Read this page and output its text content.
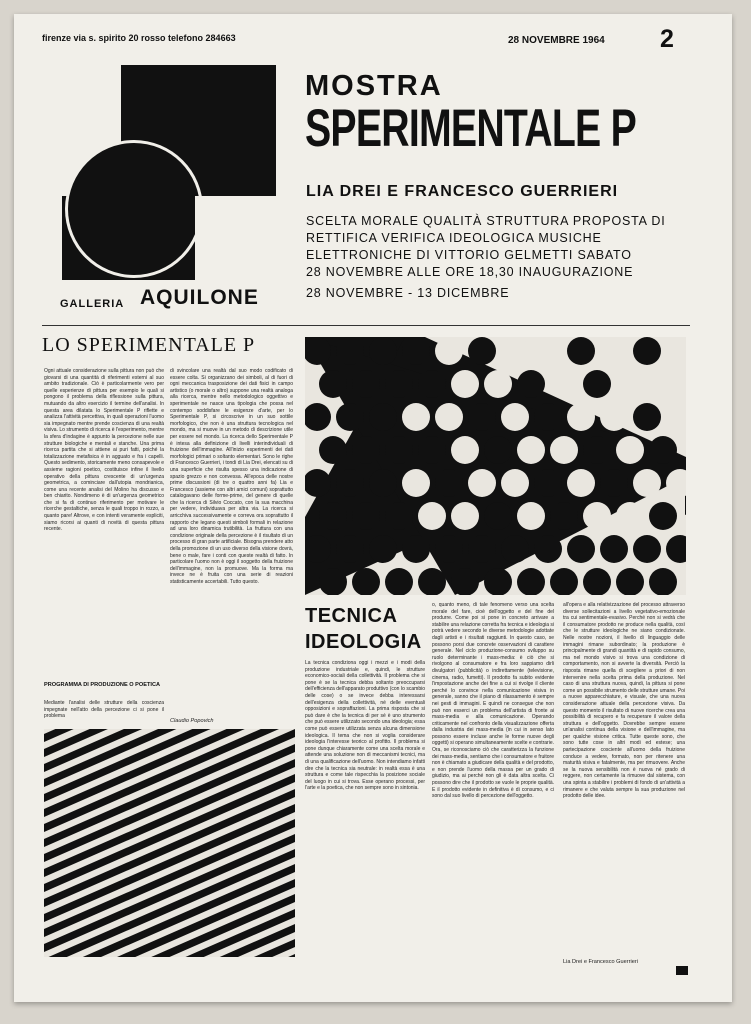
firenze via s. spirito 20 rosso telefono 284663	28 NOVEMBRE 1964 2
GALLERIA AQUILONE
MOSTRA
SPERIMENTALE P
LIA DREI E FRANCESCO GUERRIERI
SCELTA MORALE QUALITÀ STRUTTURA PROPOSTA DI
RETTIFICA VERIFICA IDEOLOGICA MUSICHE
ELETTRONICHE DI VITTORIO GELMETTI SABATO
28 NOVEMBRE ALLE ORE 18,30 INAUGURAZIONE
28 NOVEMBRE - 13 DICEMBRE
LO SPERIMENTALE P
Ogni attuale considerazione sulla pittura non può che giovarsi di una quantità di riferimenti esterni al suo ambito tradizionale. Ciò è particolarmente vero per quelle esperienze di pittura per esempio le quali si pongono il problema della riflessione sulla pittura, mutuando da altro esercizio il termine dell'analisi. In questa area dilatata lo Sperimentale P riflette e analizza l'attività percettiva, in quali operazioni l'uomo sia impegnato mentre prende coscienza di una realtà visiva. Lo strumento di ricerca è l'esperimento, mentre la sfera d'indagine è appunto la percezione nelle sue strutture biologiche e mentali e stanche. Una prima ricerca partita che si attiene ai puri fatti, poiché la totalizzazione metafisica è in agguato e fra i capelli. Questo sedimento, storicamente meno consapevole e assieme ragioni poetico, costituisce infine il livello operativo della pittura crescente di un'urgenza geometrica, a cominciare dall'utopia mondrianica, come una recente analisi del Molino ha discusso e ben chiarito. Nondimeno è di un'urgenza geometrico che si fa di continuo riferimento per motivare le ricerche gestaltiche, senza le quali troppo in rozzo, a quanto pare! Altrove, e con intenti veramente espliciti, siamo ricorsi ai quanti di novità di questa pittura recente.
di svincolare una realtà dal suo modo codificato di essere colta. Si organizzano dei simboli, al di fuori di ogni meccanica trasposizione dei dati fisici in campo artistico (o morale o altro) suppone una realtà analoga alla ricerca, mentre nello metodologico oggettivo e sperimentale ne nasce una tipologia che possa nel contempo soddisfare le esigenze d'arte, per lo Sperimentale P, si circoscrive in un suo sottile morfologico, che non è una struttura tecnologica nel mondo, ma si muove in un metodo di descrizione utile per essere nel mondo. La ricerca dello Sperimentale P è intesa alla definizione di livelli interindividuali di fruizione dell'immagine. All'inizio esperimenti dei dati morfologici primari o soltanto elementari. Sono le righe di Francesco Guerrieri, i tondi di Lia Drei, elencati su di una superficie che risulta spesso una indicazione di spazio grezzo e non convessa. All'epoca delle nostre prime discussioni (di tre o quattro anni fa) Lia e Francesco (assieme con altri amici comuni) soprattutto catalogavano delle forme-prime, del genere di quelle che la ricerca di Silvio Coccato, con la sua macchina per vedere, individuava per altra via. La ricerca si arricchiva successivamente e correva ora soprattutto il rapporto che legano questi simboli formali in relazione ad una loro dinamica trutibilità. La fruttura con una condizione originale della percezione è il risultato di un processo di gran parte artificiale. Bisogna prendere atto della promozione di un uso diverso della visione dovrà, bene o male, fare i conti con queste realtà di fatto. In particolare l'uomo non è oggi il soggetto della fruizione dell'immagine, non la promuove. Ma la forma ma invece ne è fruita con una serie di reazioni statisticamente accertabili. Tutto questo.
PROGRAMMA DI PRODUZIONE O POETICA
Mediante l'analisi delle strutture della coscienza impegnate nell'atto della percezione ci si pone il problema
Claudio Popovich
TECNICA
IDEOLOGIA
La tecnica condiziona oggi i mezzi e i modi della produzione industriale e, quindi, le strutture economico-sociali della collettività. Il problema che si pone è se la tecnica debba soltanto preoccuparsi dell'efficienza dell'apparato produttivo (con lo scambio delle cose) o se invece debba interessarsi dell'esigenza della collettività, né delle eventuali opposizioni e sopraffazioni. La prima risposta che si può dare è che la tecnica di per sé è uno strumento che può essere utilizzato secondo una ideologia; essa come può essere utilizzata senza alcuna dimensione ideologica. Il tema che non si voglia considerare ideologia l'interesse teorico al profitto. Il problema si pone dunque chiaramente come una scelta morale e attende una soluzione non di meccanismi tecnici, ma di una qualificazione dell'uomo. Non intendiamo infatti dire che la tecnica sia neutrale: in realtà essa è una struttura e come tale rispecchia la posizione sociale del luogo in cui si trova. Esse operano processi, per l'arte e la poetica, che non sempre sono in sintonia.
o, quanto meno, di tale fenomeno verso una scelta morale del fare, cioè dell'oggetto e del fine del produrre. Come poi si pone in concreto arrivare a stabilire una relazione corretta fra tecnica e ideologia si potrà vedere secondo le diverse metodologie adottate dagli artisti e i risultati raggiunti. In questo caso, se possono porsi due concrete osservazioni di carattere generale. Nel ciclo produzione-consumo sviluppo su ruolo determinante i mass-media: è ciò che si rivolgono al consumatore e fra loro sappiamo dirli divulgatori (pubblicità) o indirettamente (televisione, cinema, radio, fumetti). Il prodotto fa subito evidente l'impostazione anche dei fine a cui si rivolge il cliente perché lo convince nella comunicazione visiva in generale, sanno che il piano di rilassamento è sempre nei gesti di immagini. E quindi ne consegue che non può non esserci un problema dell'artista di fronte ai mass-media e alla comunicazione. Operando criticamente nel confronto della visualizzazione offerta dalla industria dei mass-media (in cui in senso lato possono essere incluse anche le forme nuove degli oggetti) si operano simultaneamente scelte e contrarie. Ora, se riconosciamo ciò che caratterizza la funzione dei mass-media, sentiamo che i consumatore e fruitore non è chiamato a giudicare della qualità e del prodotto, e non prende l'uomo della massa per un grado di giudizio, ma ai perché non gli è data altra scelta. Ci possono dire che il prodotto se vuole le proprie qualità. E il prodotto evidente in definitiva è di consumo, e ci sono dal suo livello di percezione dell'oggetto.
all'opera e alla relativizzazione del processo attraverso diverse sollecitazioni a livello vegetativo-emozionale tra cui sentimentale-evasivo. Perché non si vedrà che il consumatore prodotto ne produce nella qualità, così che le strutture ideologiche ne siano condizionate. Nelle nostre nozioni, il livello di linguaggio delle immagini rimane subordinato; la produzione è principalmente di grandi quantità e di rapido consumo, ma nel mondo visivo si trova una condizione di comportamento, non si avverte la diversità. Perciò la risposta rimane quella di scegliere a priori di non intervenire nella scelta prima della produzione. Nel caso di una struttura nuova, quindi, la pittura si pone come un possibile strumento delle strutture umane. Poi a nuove apparecchiature, e visuale, che una nuova considerazione attuale della percezione visiva. Da questo momento il risultato di nuove ricerche crea una possibilità di recupero e fa recuperare il valore della struttura e dell'oggetto. Dovrebbe sempre essere un'analisi continua della visione e dell'immagine, ma per qualche visione critica. Tutte queste sono, che sono tutte cose in altri modi ed estese; una partecipazione cosciente all'uomo della fruizione conduce a vedere, formato, non per ritenere una maturità visiva e fatalmente, ma per rimuovere. Anche se la nuova sensibilità non è nuova né grado di reggere, non certamente la rimuove dal sistema, con una spinta a stabilire i problemi di fondo di un'attività a rimanere e che valuta sempre la sua produzione nel prodotto delle idee.
Lia Drei e Francesco Guerrieri
